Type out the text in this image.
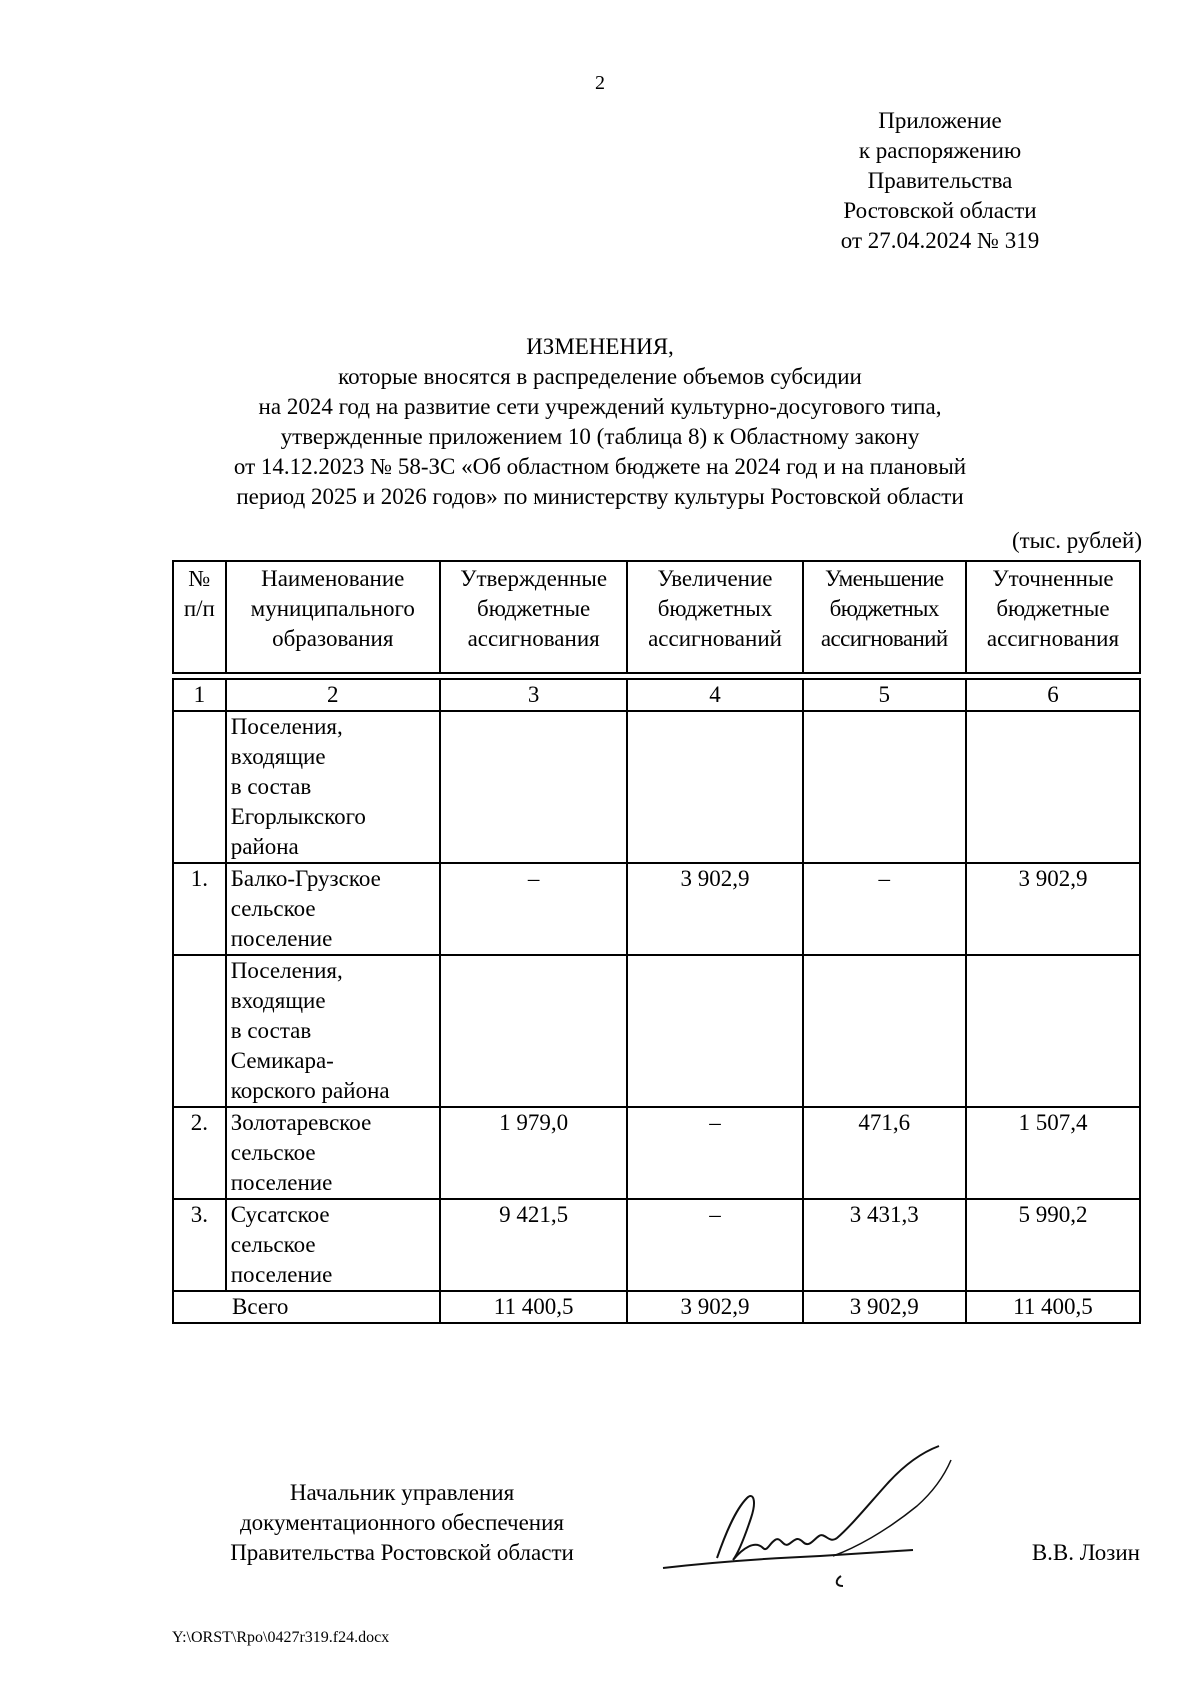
2
Приложение
к распоряжению
Правительства
Ростовской области
от 27.04.2024 № 319
ИЗМЕНЕНИЯ,
которые вносятся в распределение объемов субсидии
на 2024 год на развитие сети учреждений культурно-досугового типа,
утвержденные приложением 10 (таблица 8) к Областному закону
от 14.12.2023 № 58-ЗС «Об областном бюджете на 2024 год и на плановый
период 2025 и 2026 годов» по министерству культуры Ростовской области
(тыс. рублей)
№ п/п	Наименование муниципального образования	Утвержденные бюджетные ассигнования	Увеличение бюджетных ассигнований	Уменьшение бюджетных ассигнований	Уточненные бюджетные ассигнования

1	2	3	4	5	6
	Поселения,
входящие
в состав
Егорлыкского
района				
1.	Балко-Грузское
сельское
поселение	–	3 902,9	–	3 902,9
	Поселения,
входящие
в состав
Семикара-
корского района				
2.	Золотаревское
сельское
поселение	1 979,0	–	471,6	1 507,4
3.	Сусатское
сельское
поселение	9 421,5	–	3 431,3	5 990,2
Всего		11 400,5	3 902,9	3 902,9	11 400,5
Начальник управления
документационного обеспечения
Правительства Ростовской области	В.В. Лозин
Y:\ORST\Rpo\0427r319.f24.docx
